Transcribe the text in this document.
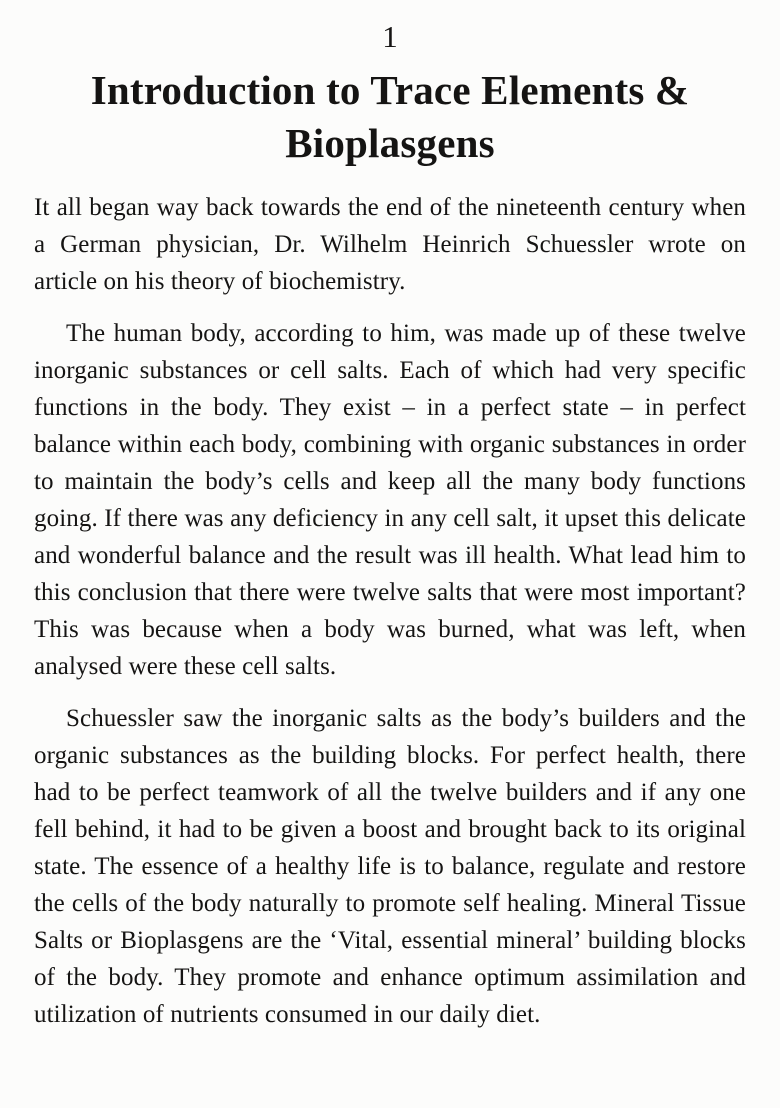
1
Introduction to Trace Elements & Bioplasgens

It all began way back towards the end of the nineteenth century when a German physician, Dr. Wilhelm Heinrich Schuessler wrote on article on his theory of biochemistry.

The human body, according to him, was made up of these twelve inorganic substances or cell salts. Each of which had very specific functions in the body. They exist – in a perfect state – in perfect balance within each body, combining with organic substances in order to maintain the body’s cells and keep all the many body functions going. If there was any deficiency in any cell salt, it upset this delicate and wonderful balance and the result was ill health. What lead him to this conclusion that there were twelve salts that were most important? This was because when a body was burned, what was left, when analysed were these cell salts.

Schuessler saw the inorganic salts as the body’s builders and the organic substances as the building blocks. For perfect health, there had to be perfect teamwork of all the twelve builders and if any one fell behind, it had to be given a boost and brought back to its original state. The essence of a healthy life is to balance, regulate and restore the cells of the body naturally to promote self healing. Mineral Tissue Salts or Bioplasgens are the ‘Vital, essential mineral’ building blocks of the body. They promote and enhance optimum assimilation and utilization of nutrients consumed in our daily diet.
